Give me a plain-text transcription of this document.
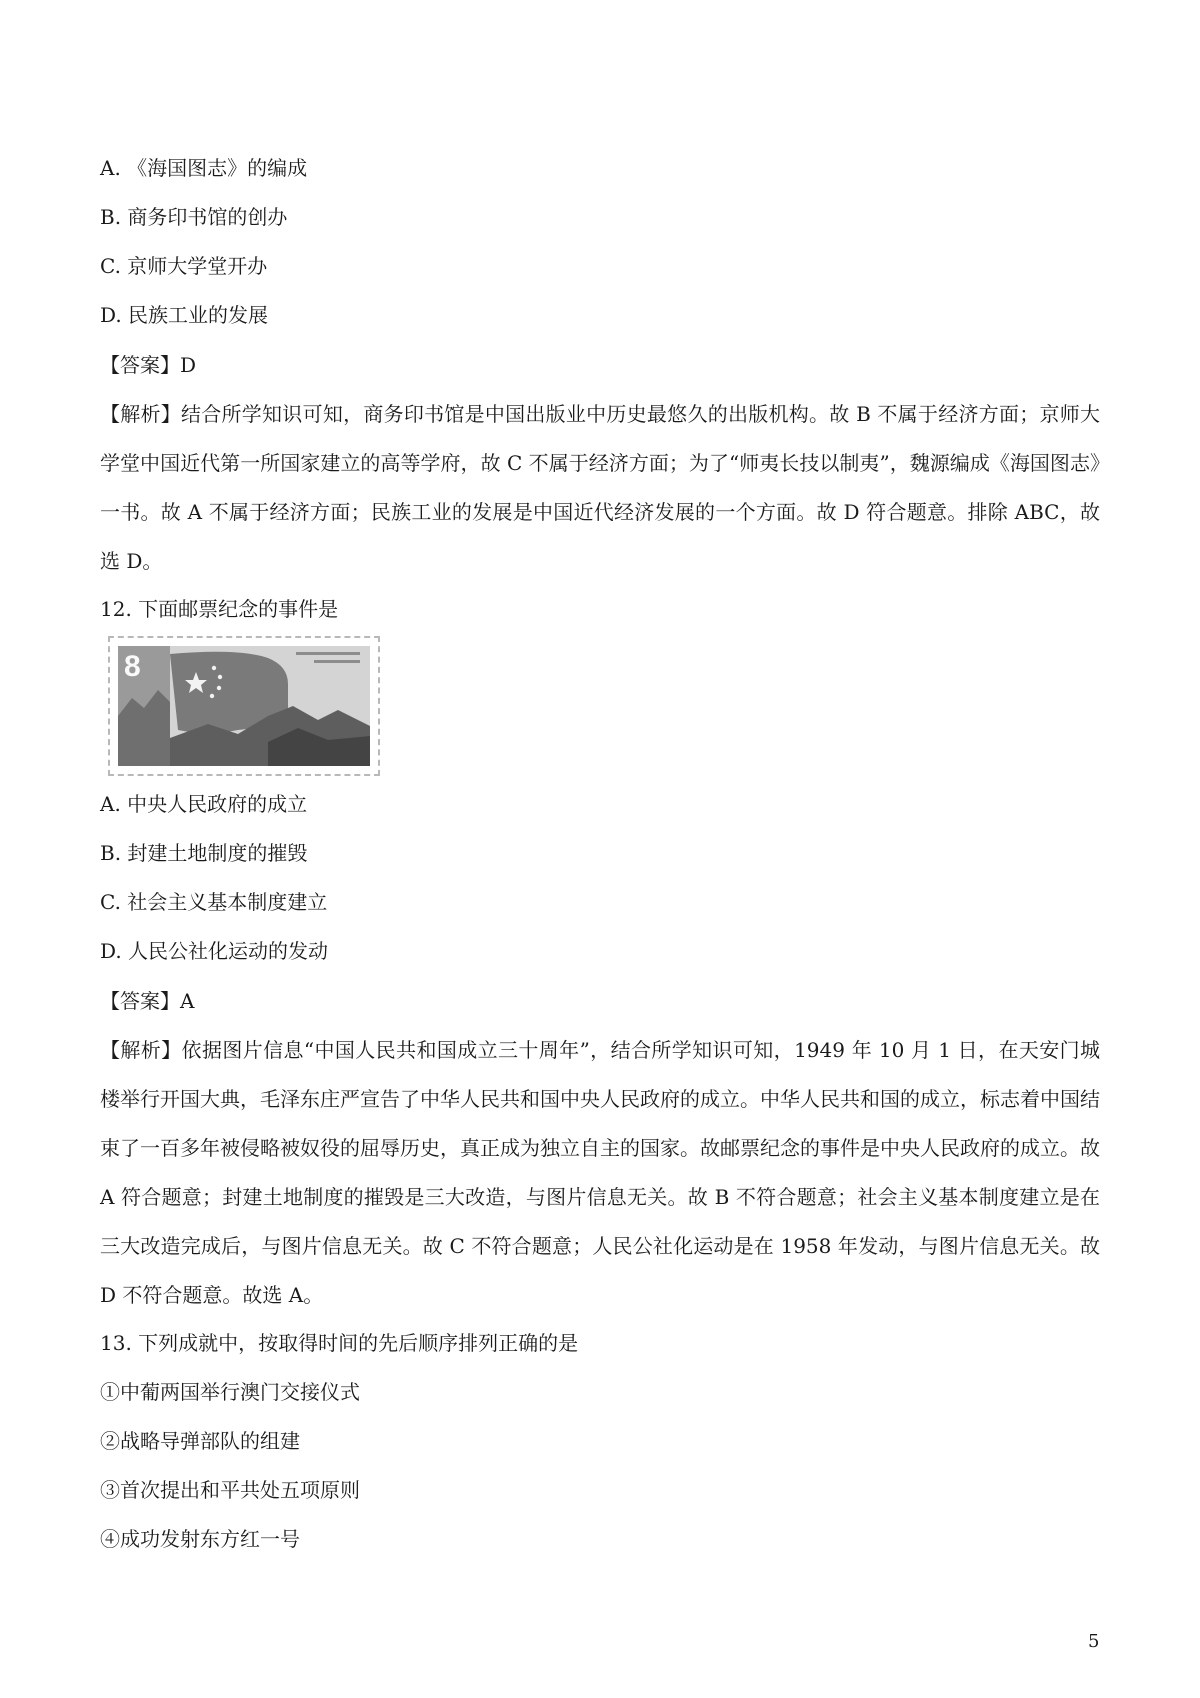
A. 《海国图志》的编成
B. 商务印书馆的创办
C. 京师大学堂开办
D. 民族工业的发展
【答案】D
【解析】结合所学知识可知，商务印书馆是中国出版业中历史最悠久的出版机构。故 B 不属于经济方面；京师大学堂中国近代第一所国家建立的高等学府，故 C 不属于经济方面；为了“师夷长技以制夷”，魏源编成《海国图志》一书。故 A 不属于经济方面；民族工业的发展是中国近代经济发展的一个方面。故 D 符合题意。排除 ABC，故选 D。
12. 下面邮票纪念的事件是
8
A. 中央人民政府的成立
B. 封建土地制度的摧毁
C. 社会主义基本制度建立
D. 人民公社化运动的发动
【答案】A
【解析】依据图片信息“中国人民共和国成立三十周年”，结合所学知识可知，1949 年 10 月 1 日，在天安门城楼举行开国大典，毛泽东庄严宣告了中华人民共和国中央人民政府的成立。中华人民共和国的成立，标志着中国结束了一百多年被侵略被奴役的屈辱历史，真正成为独立自主的国家。故邮票纪念的事件是中央人民政府的成立。故 A 符合题意；封建土地制度的摧毁是三大改造，与图片信息无关。故 B 不符合题意；社会主义基本制度建立是在三大改造完成后，与图片信息无关。故 C 不符合题意；人民公社化运动是在 1958 年发动，与图片信息无关。故 D 不符合题意。故选 A。
13. 下列成就中，按取得时间的先后顺序排列正确的是
①中葡两国举行澳门交接仪式
②战略导弹部队的组建
③首次提出和平共处五项原则
④成功发射东方红一号
5
